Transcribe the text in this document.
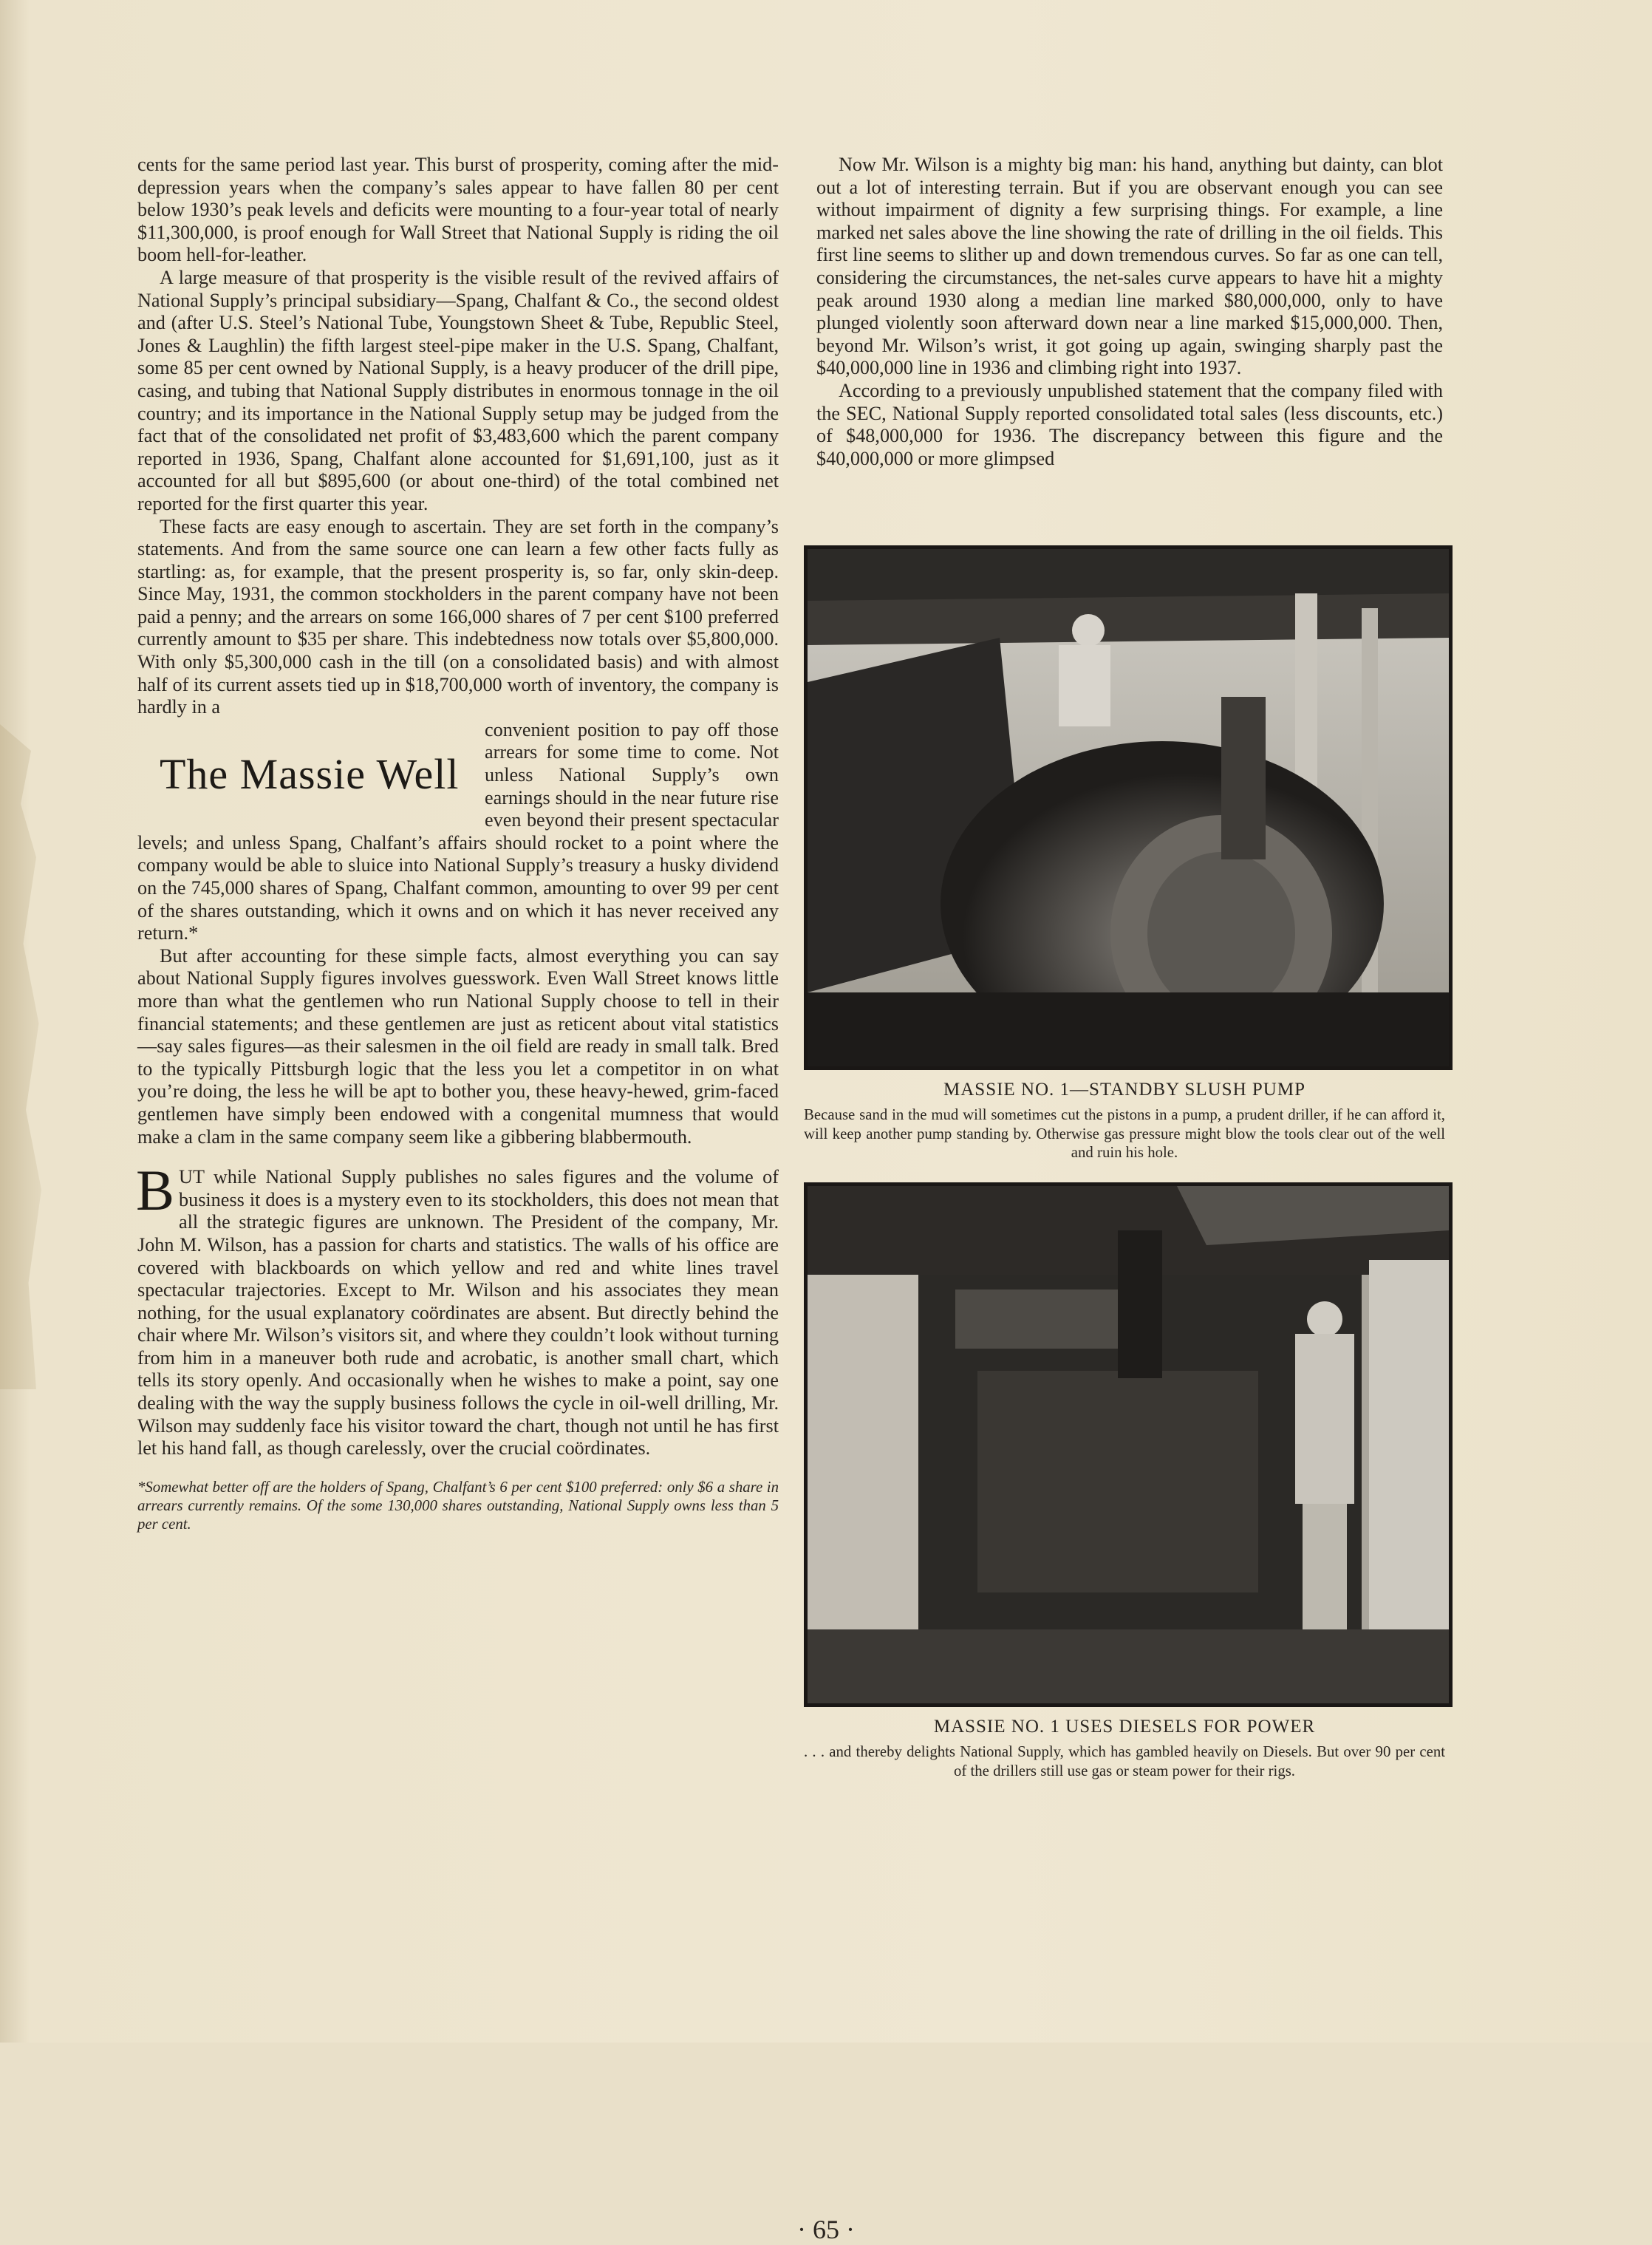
cents for the same period last year. This burst of prosperity, coming after the mid-depression years when the company’s sales appear to have fallen 80 per cent below 1930’s peak levels and deficits were mounting to a four-year total of nearly $11,300,000, is proof enough for Wall Street that National Supply is riding the oil boom hell-for-leather.

A large measure of that prosperity is the visible result of the revived affairs of National Supply’s principal subsidiary—Spang, Chalfant & Co., the second oldest and (after U.S. Steel’s National Tube, Youngstown Sheet & Tube, Republic Steel, Jones & Laughlin) the fifth largest steel-pipe maker in the U.S. Spang, Chalfant, some 85 per cent owned by National Supply, is a heavy producer of the drill pipe, casing, and tubing that National Supply distributes in enormous tonnage in the oil country; and its importance in the National Supply setup may be judged from the fact that of the consolidated net profit of $3,483,600 which the parent company reported in 1936, Spang, Chalfant alone accounted for $1,691,100, just as it accounted for all but $895,600 (or about one-third) of the total combined net reported for the first quarter this year.

These facts are easy enough to ascertain. They are set forth in the company’s statements. And from the same source one can learn a few other facts fully as startling: as, for example, that the present prosperity is, so far, only skin-deep. Since May, 1931, the common stockholders in the parent company have not been paid a penny; and the arrears on some 166,000 shares of 7 per cent $100 preferred currently amount to $35 per share. This indebtedness now totals over $5,800,000. With only $5,300,000 cash in the till (on a consolidated basis) and with almost half of its current assets tied up in $18,700,000 worth of inventory, the company is hardly in a
The Massie Well
convenient position to pay off those arrears for some time to come. Not unless National Supply’s own earnings should in the near future rise even beyond their present spectacular levels; and unless Spang, Chalfant’s affairs should rocket to a point where the company would be able to sluice into National Supply’s treasury a husky dividend on the 745,000 shares of Spang, Chalfant common, amounting to over 99 per cent of the shares outstanding, which it owns and on which it has never received any return.*

But after accounting for these simple facts, almost everything you can say about National Supply figures involves guesswork. Even Wall Street knows little more than what the gentlemen who run National Supply choose to tell in their financial statements; and these gentlemen are just as reticent about vital statistics—say sales figures—as their salesmen in the oil field are ready in small talk. Bred to the typically Pittsburgh logic that the less you let a competitor in on what you’re doing, the less he will be apt to bother you, these heavy-hewed, grim-faced gentlemen have simply been endowed with a congenital mumness that would make a clam in the same company seem like a gibbering blabbermouth.

BUT while National Supply publishes no sales figures and the volume of business it does is a mystery even to its stockholders, this does not mean that all the strategic figures are unknown. The President of the company, Mr. John M. Wilson, has a passion for charts and statistics. The walls of his office are covered with blackboards on which yellow and red and white lines travel spectacular trajectories. Except to Mr. Wilson and his associates they mean nothing, for the usual explanatory coördinates are absent. But directly behind the chair where Mr. Wilson’s visitors sit, and where they couldn’t look without turning from him in a maneuver both rude and acrobatic, is another small chart, which tells its story openly. And occasionally when he wishes to make a point, say one dealing with the way the supply business follows the cycle in oil-well drilling, Mr. Wilson may suddenly face his visitor toward the chart, though not until he has first let his hand fall, as though carelessly, over the crucial coördinates.

*Somewhat better off are the holders of Spang, Chalfant’s 6 per cent $100 preferred: only $6 a share in arrears currently remains. Of the some 130,000 shares outstanding, National Supply owns less than 5 per cent.

Now Mr. Wilson is a mighty big man: his hand, anything but dainty, can blot out a lot of interesting terrain. But if you are observant enough you can see without impairment of dignity a few surprising things. For example, a line marked net sales above the line showing the rate of drilling in the oil fields. This first line seems to slither up and down tremendous curves. So far as one can tell, considering the circumstances, the net-sales curve appears to have hit a mighty peak around 1930 along a median line marked $80,000,000, only to have plunged violently soon afterward down near a line marked $15,000,000. Then, beyond Mr. Wilson’s wrist, it got going up again, swinging sharply past the $40,000,000 line in 1936 and climbing right into 1937.

According to a previously unpublished statement that the company filed with the SEC, National Supply reported consolidated total sales (less discounts, etc.) of $48,000,000 for 1936. The discrepancy between this figure and the $40,000,000 or more glimpsed

MASSIE NO. 1—STANDBY SLUSH PUMP

Because sand in the mud will sometimes cut the pistons in a pump, a prudent driller, if he can afford it, will keep another pump standing by. Otherwise gas pressure might blow the tools clear out of the well and ruin his hole.

MASSIE NO. 1 USES DIESELS FOR POWER

. . . and thereby delights National Supply, which has gambled heavily on Diesels. But over 90 per cent of the drillers still use gas or steam power for their rigs.

· 65 ·
